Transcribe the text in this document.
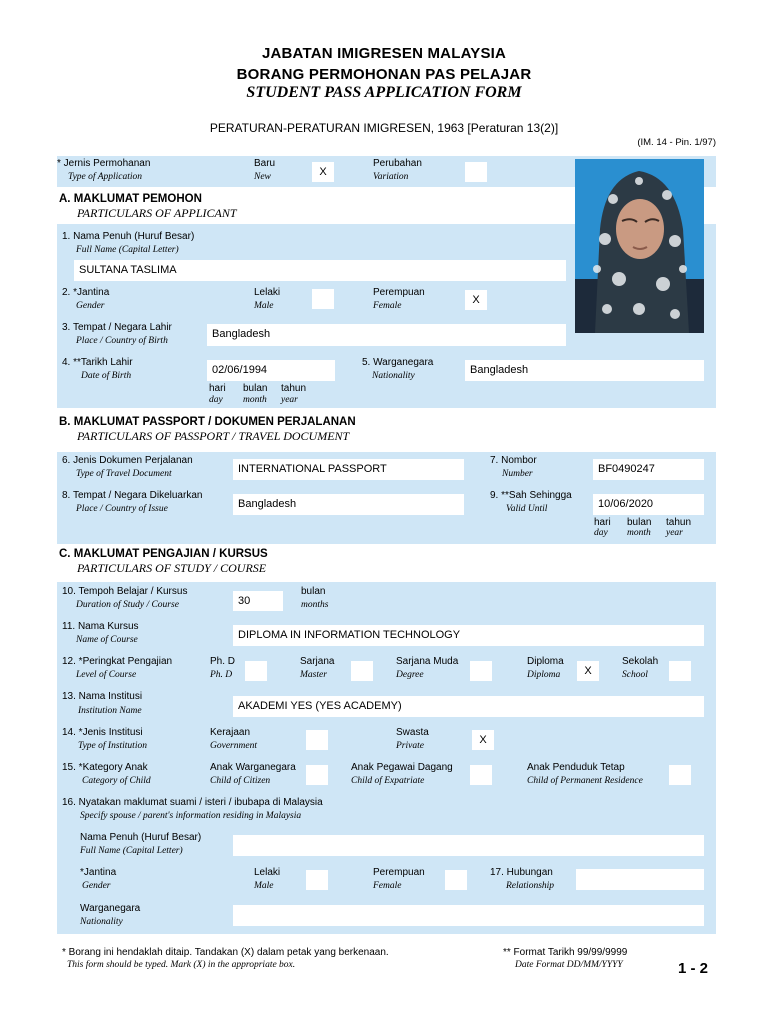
JABATAN IMIGRESEN MALAYSIA
BORANG PERMOHONAN PAS PELAJAR
STUDENT PASS APPLICATION FORM
PERATURAN-PERATURAN IMIGRESEN, 1963 [Peraturan 13(2)]
(IM. 14 - Pin. 1/97)
* Jernis Permohanan
Type of Application
Baru
New	X
Perubahan
Variation
A. MAKLUMAT PEMOHON
PARTICULARS OF APPLICANT
1. Nama Penuh (Huruf Besar)
Full Name (Capital Letter)
SULTANA TASLIMA
2. *Jantina
Gender
Lelaki
Male
Perempuan
Female	X
3. Tempat / Negara Lahir
Place / Country of Birth
Bangladesh
4. **Tarikh Lahir
Date of Birth	02/06/1994
hari bulan tahun
day month year
5. Warganegara
Nationality	Bangladesh
B. MAKLUMAT PASSPORT / DOKUMEN PERJALANAN
PARTICULARS OF PASSPORT / TRAVEL DOCUMENT
6. Jenis Dokumen Perjalanan
Type of Travel Document	INTERNATIONAL PASSPORT
7. Nombor
Number	BF0490247
8. Tempat / Negara Dikeluarkan
Place / Country of Issue	Bangladesh
9. **Sah Sehingga
Valid Until	10/06/2020
hari bulan tahun
day month year
C. MAKLUMAT PENGAJIAN / KURSUS
PARTICULARS OF STUDY / COURSE
10. Tempoh Belajar / Kursus
Duration of Study / Course	30
bulan
months
11. Nama Kursus
Name of Course	DIPLOMA IN INFORMATION TECHNOLOGY
12. *Peringkat Pengajian
Level of Course
Ph. D
Ph. D
Sarjana
Master
Sarjana Muda
Degree
Diploma
Diploma	X
Sekolah
School
13. Nama Institusi
Institution Name	AKADEMI YES (YES ACADEMY)
14. *Jenis Institusi
Type of Institution
Kerajaan
Government
Swasta
Private	X
15. *Kategory Anak
Category of Child
Anak Warganegara
Child of Citizen
Anak Pegawai Dagang
Child of Expatriate
Anak Penduduk Tetap
Child of Permanent Residence
16. Nyatakan maklumat suami / isteri / ibubapa di Malaysia
Specify spouse / parent's information residing in Malaysia
Nama Penuh (Huruf Besar)
Full Name (Capital Letter)
*Jantina
Gender
Lelaki
Male
Perempuan
Female
17. Hubungan
Relationship
Warganegara
Nationality
* Borang ini hendaklah ditaip. Tandakan (X) dalam petak yang berkenaan.
This form should be typed. Mark (X) in the appropriate box.
** Format Tarikh 99/99/9999
Date Format DD/MM/YYYY	1 - 2
